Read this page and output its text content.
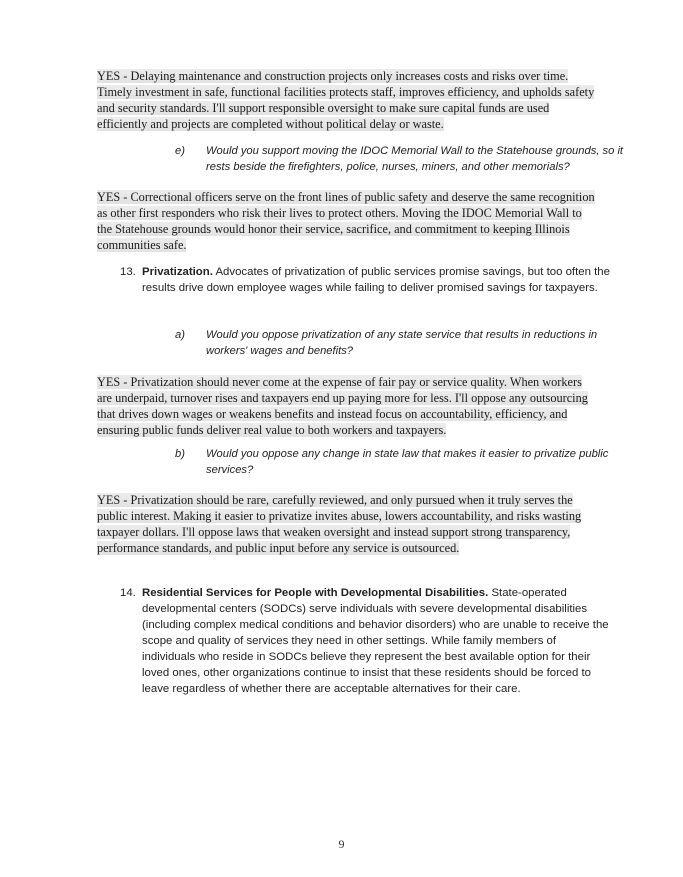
YES - Delaying maintenance and construction projects only increases costs and risks over time. Timely investment in safe, functional facilities protects staff, improves efficiency, and upholds safety and security standards. I'll support responsible oversight to make sure capital funds are used efficiently and projects are completed without political delay or waste.

e) Would you support moving the IDOC Memorial Wall to the Statehouse grounds, so it rests beside the firefighters, police, nurses, miners, and other memorials?

YES - Correctional officers serve on the front lines of public safety and deserve the same recognition as other first responders who risk their lives to protect others. Moving the IDOC Memorial Wall to the Statehouse grounds would honor their service, sacrifice, and commitment to keeping Illinois communities safe.

13. Privatization. Advocates of privatization of public services promise savings, but too often the results drive down employee wages while failing to deliver promised savings for taxpayers.

a) Would you oppose privatization of any state service that results in reductions in workers' wages and benefits?

YES - Privatization should never come at the expense of fair pay or service quality. When workers are underpaid, turnover rises and taxpayers end up paying more for less. I'll oppose any outsourcing that drives down wages or weakens benefits and instead focus on accountability, efficiency, and ensuring public funds deliver real value to both workers and taxpayers.

b) Would you oppose any change in state law that makes it easier to privatize public services?

YES - Privatization should be rare, carefully reviewed, and only pursued when it truly serves the public interest. Making it easier to privatize invites abuse, lowers accountability, and risks wasting taxpayer dollars. I'll oppose laws that weaken oversight and instead support strong transparency, performance standards, and public input before any service is outsourced.

14. Residential Services for People with Developmental Disabilities. State-operated developmental centers (SODCs) serve individuals with severe developmental disabilities (including complex medical conditions and behavior disorders) who are unable to receive the scope and quality of services they need in other settings. While family members of individuals who reside in SODCs believe they represent the best available option for their loved ones, other organizations continue to insist that these residents should be forced to leave regardless of whether there are acceptable alternatives for their care.

9
